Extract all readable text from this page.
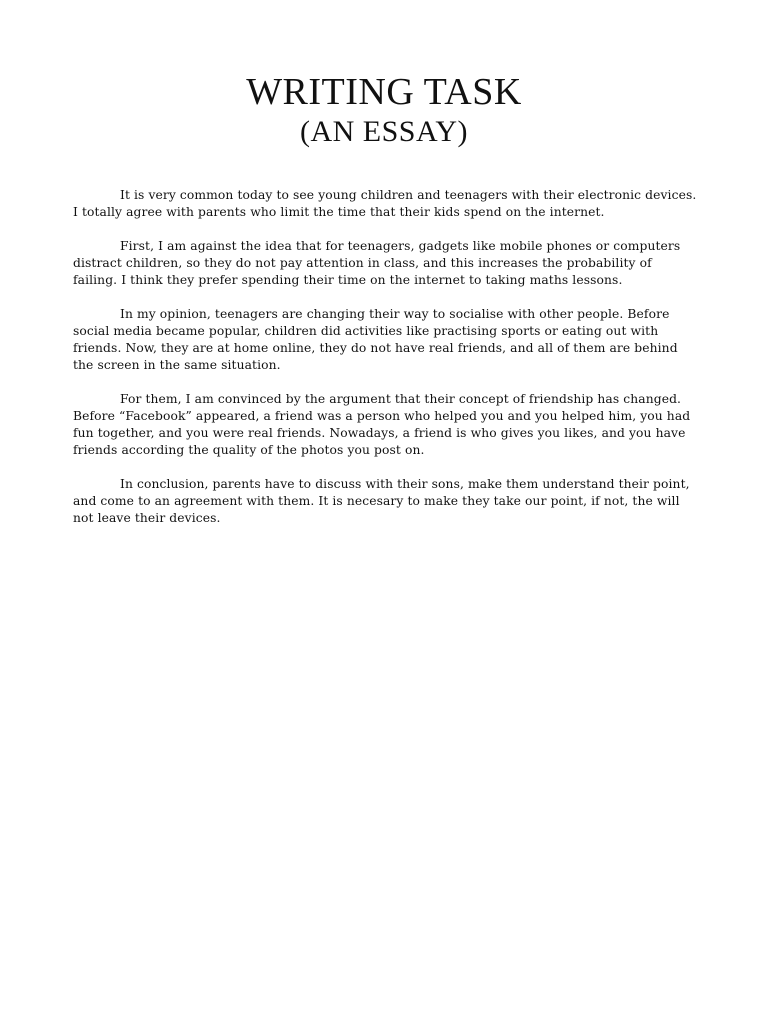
WRITING TASK
(AN ESSAY)

It is very common today to see young children and teenagers with their electronic devices. I totally agree with parents who limit the time that their kids spend on the internet.

First, I am against the idea that for teenagers, gadgets like mobile phones or computers distract children, so they do not pay attention in class, and this increases the probability of failing. I think they prefer spending their time on the internet to taking maths lessons.

In my opinion, teenagers are changing their way to socialise with other people. Before social media became popular, children did activities like practising sports or eating out with friends. Now, they are at home online, they do not have real friends, and all of them are behind the screen in the same situation.

For them, I am convinced by the argument that their concept of friendship has changed. Before “Facebook” appeared, a friend was a person who helped you and you helped him, you had fun together, and you were real friends. Nowadays, a friend is who gives you likes, and you have friends according the quality of the photos you post on.

In conclusion, parents have to discuss with their sons, make them understand their point, and come to an agreement with them. It is necesary to make they take our point, if not, the will not leave their devices.
